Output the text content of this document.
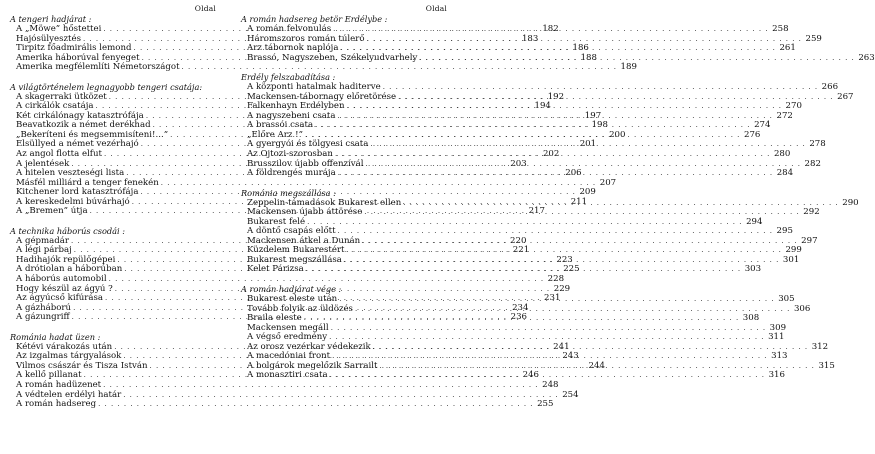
Oldal
A tengeri hadjárat :
A „Möwe” hőstettei . . .	182
Hajósülyesztés . . .	183
Tirpitz főadmirális lemond . . .	186
Amerika háborúval fenyeget . . .	188
Amerika megfélemlíti Németországot . . .	189
A világtörténelem legnagyobb tengeri csatája:
A skagerraki ütközet . . .	192
A cirkálók csatája . . .	194
Két cirkálónagy katasztrófája . . .	197
Beavatkozik a német derékhad . . .	198
„Bekeríteni és megsemmisíteni!...” . . .	200
Elsüllyed a német vezérhajó . . .	201
Az angol flotta elfut . . .	202
A jelentések . . .	203
A hitelen veszteségi lista . . .	206
Másfél milliárd a tenger fenekén . . .	207
Kitchener lord katasztrófája . . .	209
A kereskedelmi búvárhajó . . .	211
A „Bremen” útja . . .	217
A technika háborús csodái :
A gépmadár . . .	220
A légi párbaj . . .	221
Hadihajók repülőgépei . . .	223
A drótiolan a háborúban . . .	225
A háborús automobil . . .	228
Hogy készül az ágyú ? . . .	229
Az ágyúcső kifúrása . . .	231
A gázháború . . .	234
A gázungriff . . .	236
Románia hadat üzen :
Kétévi várakozás után . . .	241
Az izgalmas tárgyalások . . .	243
Vilmos császár és Tisza István . . .	244
A kellő pillanat . . .	246
A román hadüzenet . . .	248
A védtelen erdélyi határ . . .	254
A román hadsereg . . .	255
Oldal
A román hadsereg betör Erdélybe :
A román felvonulás . . .	258
Háromszoros román túlerő . . .	259
Arz tábornok naplója . . .	261
Brassó, Nagyszeben, Székelyudvarhely . . .	263
Erdély felszabadítása :
A központi hatalmak haditerve . . .	266
Mackensen-tábornagy előretörése . . .	267
Falkenhayn Erdélyben . . .	270
A nagyszebeni csata . . .	272
A brassói csata . . .	274
„Előre Arz !” . . .	276
A gyergyói és tölgyesi csata . . .	278
Az Ojtozi-szorosban . . .	280
Brusszilov újabb offenzívál . . .	282
A földrengés murája . . .	284
Románia megszállása :
Zeppelin-támadások Bukarest ellen . . .	290
Mackensen újabb áttörése . . .	292
Bukarest felé . . .	294
A döntő csapás előtt . . .	295
Mackensen átkel a Dunán . . .	297
Küzdelem Bukarestért . . .	299
Bukarest megszállása . . .	301
Kelet Párizsa . . .	303
A román hadjárat vége :
Bukarest eleste után . . .	305
Tovább folyik az üldözés . . .	306
Braila eleste . . .	308
Mackensen megáll . . .	309
A végső eredmény . . .	311
Az orosz vezérkar védekezik . . .	312
A macedóniai front . . .	313
A bolgárok megelőzik Sarrailt . . .	315
A monasztiri csata . . .	316
